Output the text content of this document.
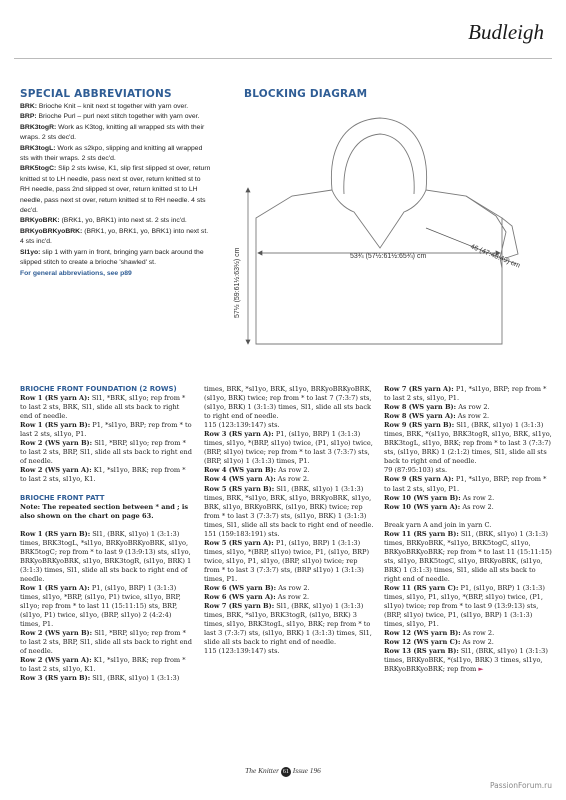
Budleigh
SPECIAL ABBREVIATIONS

BRK: Brioche Knit – knit next st together with yarn over.

BRP: Brioche Purl – purl next stitch together with yarn over.

BRK3togR: Work as K3tog, knitting all wrapped sts with their wraps. 2 sts dec'd.

BRK3togL: Work as s2kpo, slipping and knitting all wrapped sts with their wraps. 2 sts dec'd.

BRK5togC: Slip 2 sts kwise, K1, slip first slipped st over, return knitted st to LH needle, pass next st over, return knitted st to RH needle, pass 2nd slipped st over, return knitted st to LH needle, pass next st over, return knitted st to RH needle. 4 sts dec'd.

BRKyoBRK: (BRK1, yo, BRK1) into next st. 2 sts inc'd.

BRKyoBRKyoBRK: (BRK1, yo, BRK1, yo, BRK1) into next st. 4 sts inc'd.

Sl1yo: slip 1 with yarn in front, bringing yarn back around the slipped stitch to create a brioche 'shawled' st.

For general abbreviations, see p89

BLOCKING DIAGRAM
53¾ (57½:61½:65¾) cm
57½ (59:61½:63½) cm	46 (47:48:49) cm

BRIOCHE FRONT FOUNDATION (2 ROWS)

Row 1 (RS yarn A): Sl1, *BRK, sl1yo; rep from * to last 2 sts, BRK, Sl1, slide all sts back to right end of needle.

Row 1 (RS yarn B): P1, *sl1yo, BRP; rep from * to last 2 sts, sl1yo, P1.

Row 2 (WS yarn B): Sl1, *BRP, sl1yo; rep from * to last 2 sts, BRP, Sl1, slide all sts back to right end of needle.

Row 2 (WS yarn A): K1, *sl1yo, BRK; rep from * to last 2 sts, sl1yo, K1.

BRIOCHE FRONT PATT

Note: The repeated section between * and ; is also shown on the chart on page 63.

Row 1 (RS yarn B): Sl1, (BRK, sl1yo) 1 (3:1:3) times, BRK3togL, *sl1yo, BRKyoBRKyoBRK, sl1yo, BRK5togC; rep from * to last 9 (13:9:13) sts, sl1yo, BRKyoBRKyoBRK, sl1yo, BRK3togR, (sl1yo, BRK) 1 (3:1:3) times, Sl1, slide all sts back to right end of needle.

Row 1 (RS yarn A): P1, (sl1yo, BRP) 1 (3:1:3) times, sl1yo, *BRP, (sl1yo, P1) twice, sl1yo, BRP, sl1yo; rep from * to last 11 (15:11:15) sts, BRP, (sl1yo, P1) twice, sl1yo, (BRP, sl1yo) 2 (4:2:4) times, P1.

Row 2 (WS yarn B): Sl1, *BRP, sl1yo; rep from * to last 2 sts, BRP, Sl1, slide all sts back to right end of needle.

Row 2 (WS yarn A): K1, *sl1yo, BRK; rep from * to last 2 sts, sl1yo, K1.

Row 3 (RS yarn B): Sl1, (BRK, sl1yo) 1 (3:1:3)

times, BRK, *sl1yo, BRK, sl1yo, BRKyoBRKyoBRK, (sl1yo, BRK) twice; rep from * to last 7 (7:3:7) sts, (sl1yo, BRK) 1 (3:1:3) times, Sl1, slide all sts back to right end of needle.

115 (123:139:147) sts.

Row 3 (RS yarn A): P1, (sl1yo, BRP) 1 (3:1:3) times, sl1yo, *(BRP, sl1yo) twice, (P1, sl1yo) twice, (BRP, sl1yo) twice; rep from * to last 3 (7:3:7) sts, (BRP, sl1yo) 1 (3:1:3) times, P1.

Row 4 (WS yarn B): As row 2.

Row 4 (WS yarn A): As row 2.

Row 5 (RS yarn B): Sl1, (BRK, sl1yo) 1 (3:1:3) times, BRK, *sl1yo, BRK, sl1yo, BRKyoBRK, sl1yo, BRK, sl1yo, BRKyoBRK, (sl1yo, BRK) twice; rep from * to last 3 (7:3:7) sts, (sl1yo, BRK) 1 (3:1:3) times, Sl1, slide all sts back to right end of needle.

151 (159:183:191) sts.

Row 5 (RS yarn A): P1, (sl1yo, BRP) 1 (3:1:3) times, sl1yo, *(BRP, sl1yo) twice, P1, (sl1yo, BRP) twice, sl1yo, P1, sl1yo, (BRP, sl1yo) twice; rep from * to last 3 (7:3:7) sts, (BRP sl1yo) 1 (3:1:3) times, P1.

Row 6 (WS yarn B): As row 2.

Row 6 (WS yarn A): As row 2.

Row 7 (RS yarn B): Sl1, (BRK, sl1yo) 1 (3:1:3) times, BRK, *sl1yo, BRK3togR, (sl1yo, BRK) 3 times, sl1yo, BRK3togL, sl1yo, BRK; rep from * to last 3 (7:3:7) sts, (sl1yo, BRK) 1 (3:1:3) times, Sl1, slide all sts back to right end of needle.

115 (123:139:147) sts.

Row 7 (RS yarn A): P1, *sl1yo, BRP; rep from * to last 2 sts, sl1yo, P1.

Row 8 (WS yarn B): As row 2.

Row 8 (WS yarn A): As row 2.

Row 9 (RS yarn B): Sl1, (BRK, sl1yo) 1 (3:1:3) times, BRK, *(sl1yo, BRK3togR, sl1yo, BRK, sl1yo, BRK3togL, sl1yo, BRK; rep from * to last 3 (7:3:7) sts, (sl1yo, BRK) 1 (2:1:2) times, Sl1, slide all sts back to right end of needle.

79 (87:95:103) sts.

Row 9 (RS yarn A): P1, *sl1yo, BRP; rep from * to last 2 sts, sl1yo, P1.

Row 10 (WS yarn B): As row 2.

Row 10 (WS yarn A): As row 2.

Break yarn A and join in yarn C.

Row 11 (RS yarn B): Sl1, (BRK, sl1yo) 1 (3:1:3) times, BRKyoBRK, *sl1yo, BRK5togC, sl1yo, BRKyoBRKyoBRK; rep from * to last 11 (15:11:15) sts, sl1yo, BRK5togC, sl1yo, BRKyoBRK, (sl1yo, BRK) 1 (3:1:3) times, Sl1, slide all sts back to right end of needle.

Row 11 (RS yarn C): P1, (sl1yo, BRP) 1 (3:1:3) times, sl1yo, P1, sl1yo, *(BRP, sl1yo) twice, (P1, sl1yo) twice; rep from * to last 9 (13:9:13) sts, (BRP, sl1yo) twice, P1, (sl1yo, BRP) 1 (3:1:3) times, sl1yo, P1.

Row 12 (WS yarn B): As row 2.

Row 12 (WS yarn C): As row 2.

Row 13 (RS yarn B): Sl1, (BRK, sl1yo) 1 (3:1:3) times, BRKyoBRK, *(sl1yo, BRK) 3 times, sl1yo, BRKyoBRKyoBRK; rep from ►

The Knitter 61 Issue 196
PassionForum.ru
